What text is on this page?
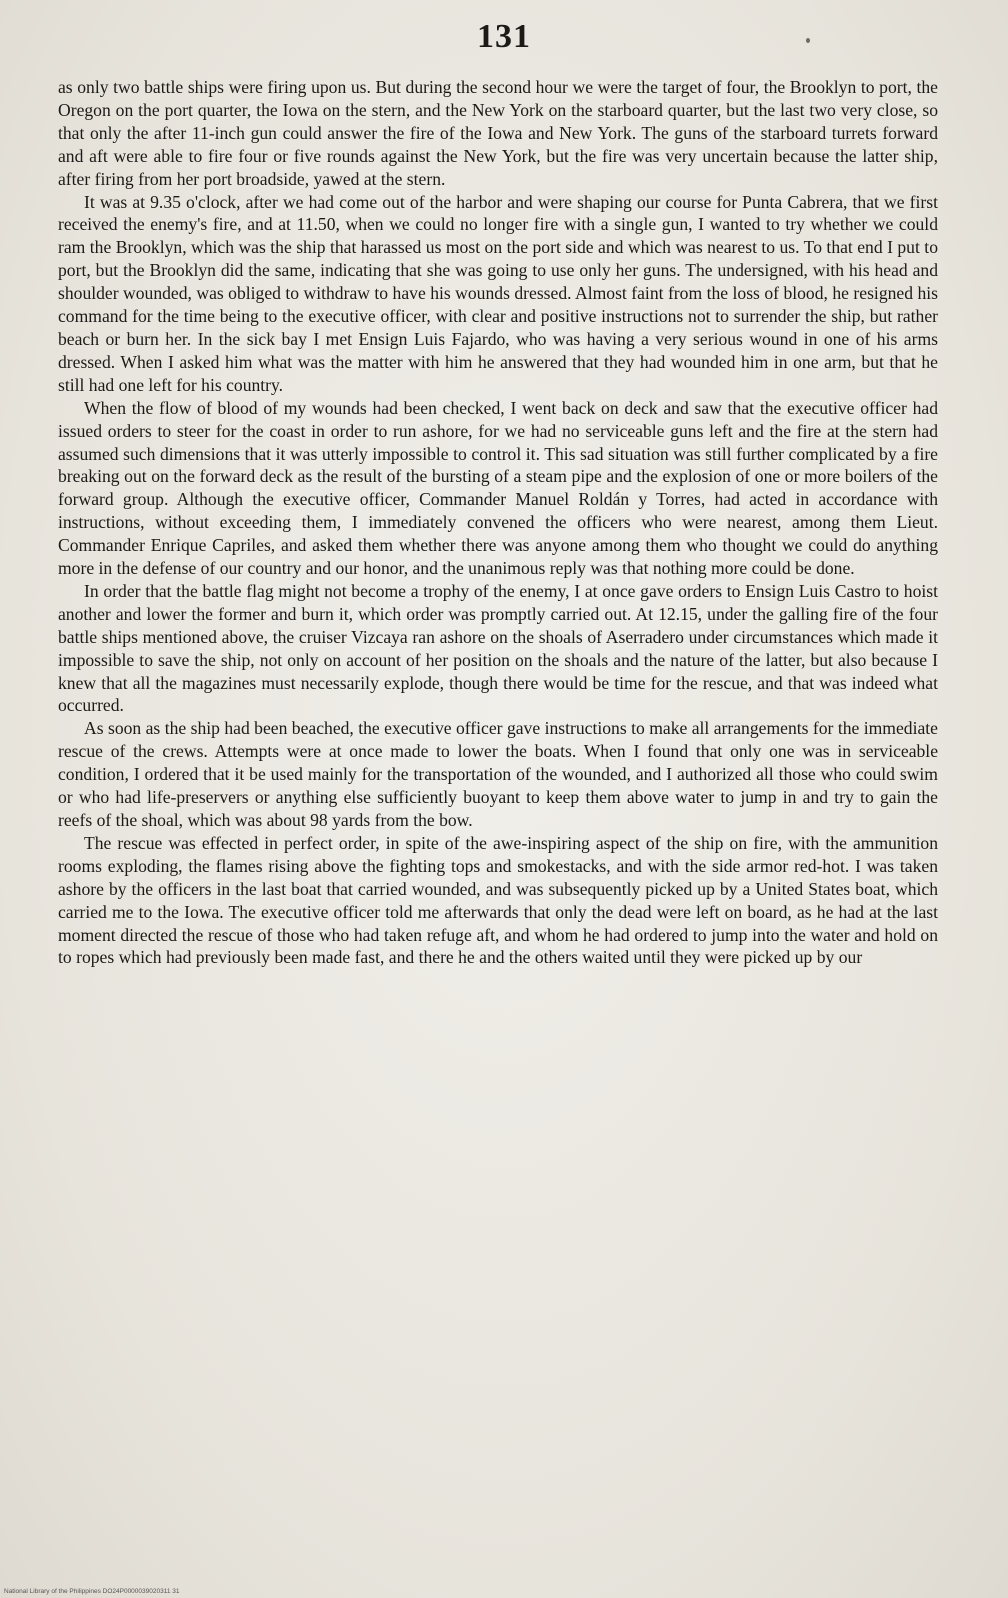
131

as only two battle ships were firing upon us. But during the second hour we were the target of four, the Brooklyn to port, the Oregon on the port quarter, the Iowa on the stern, and the New York on the starboard quarter, but the last two very close, so that only the after 11-inch gun could answer the fire of the Iowa and New York. The guns of the starboard turrets forward and aft were able to fire four or five rounds against the New York, but the fire was very uncertain because the latter ship, after firing from her port broadside, yawed at the stern.

It was at 9.35 o'clock, after we had come out of the harbor and were shaping our course for Punta Cabrera, that we first received the enemy's fire, and at 11.50, when we could no longer fire with a single gun, I wanted to try whether we could ram the Brooklyn, which was the ship that harassed us most on the port side and which was nearest to us. To that end I put to port, but the Brooklyn did the same, indicating that she was going to use only her guns. The undersigned, with his head and shoulder wounded, was obliged to withdraw to have his wounds dressed. Almost faint from the loss of blood, he resigned his command for the time being to the executive officer, with clear and positive instructions not to surrender the ship, but rather beach or burn her. In the sick bay I met Ensign Luis Fajardo, who was having a very serious wound in one of his arms dressed. When I asked him what was the matter with him he answered that they had wounded him in one arm, but that he still had one left for his country.

When the flow of blood of my wounds had been checked, I went back on deck and saw that the executive officer had issued orders to steer for the coast in order to run ashore, for we had no serviceable guns left and the fire at the stern had assumed such dimensions that it was utterly impossible to control it. This sad situation was still further complicated by a fire breaking out on the forward deck as the result of the bursting of a steam pipe and the explosion of one or more boilers of the forward group. Although the executive officer, Commander Manuel Roldán y Torres, had acted in accordance with instructions, without exceeding them, I immediately convened the officers who were nearest, among them Lieut. Commander Enrique Capriles, and asked them whether there was anyone among them who thought we could do anything more in the defense of our country and our honor, and the unanimous reply was that nothing more could be done.

In order that the battle flag might not become a trophy of the enemy, I at once gave orders to Ensign Luis Castro to hoist another and lower the former and burn it, which order was promptly carried out. At 12.15, under the galling fire of the four battle ships mentioned above, the cruiser Vizcaya ran ashore on the shoals of Aserradero under circumstances which made it impossible to save the ship, not only on account of her position on the shoals and the nature of the latter, but also because I knew that all the magazines must necessarily explode, though there would be time for the rescue, and that was indeed what occurred.

As soon as the ship had been beached, the executive officer gave instructions to make all arrangements for the immediate rescue of the crews. Attempts were at once made to lower the boats. When I found that only one was in serviceable condition, I ordered that it be used mainly for the transportation of the wounded, and I authorized all those who could swim or who had life-preservers or anything else sufficiently buoyant to keep them above water to jump in and try to gain the reefs of the shoal, which was about 98 yards from the bow.

The rescue was effected in perfect order, in spite of the awe-inspiring aspect of the ship on fire, with the ammunition rooms exploding, the flames rising above the fighting tops and smokestacks, and with the side armor red-hot. I was taken ashore by the officers in the last boat that carried wounded, and was subsequently picked up by a United States boat, which carried me to the Iowa. The executive officer told me afterwards that only the dead were left on board, as he had at the last moment directed the rescue of those who had taken refuge aft, and whom he had ordered to jump into the water and hold on to ropes which had previously been made fast, and there he and the others waited until they were picked up by our

National Library of the Philippines DO24P0000039020311 31
